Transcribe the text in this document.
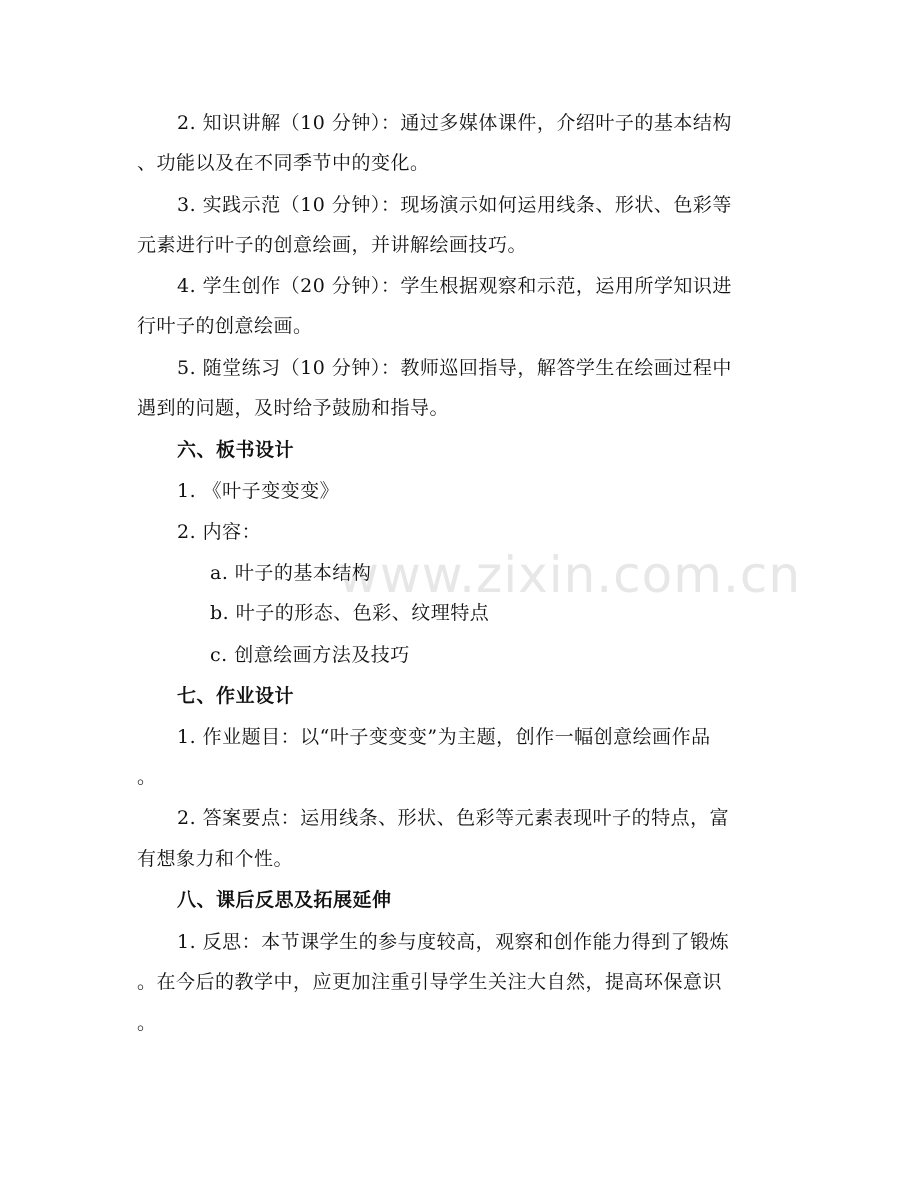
www.zixin.com.cn
2. 知识讲解（10 分钟）：通过多媒体课件，介绍叶子的基本结构
、功能以及在不同季节中的变化。
3. 实践示范（10 分钟）：现场演示如何运用线条、形状、色彩等
元素进行叶子的创意绘画，并讲解绘画技巧。
4. 学生创作（20 分钟）：学生根据观察和示范，运用所学知识进
行叶子的创意绘画。
5. 随堂练习（10 分钟）：教师巡回指导，解答学生在绘画过程中
遇到的问题，及时给予鼓励和指导。
六、板书设计
1. 《叶子变变变》
2. 内容：
a. 叶子的基本结构
b. 叶子的形态、色彩、纹理特点
c. 创意绘画方法及技巧
七、作业设计
1. 作业题目：以“叶子变变变”为主题，创作一幅创意绘画作品
。
2. 答案要点：运用线条、形状、色彩等元素表现叶子的特点，富
有想象力和个性。
八、课后反思及拓展延伸
1. 反思：本节课学生的参与度较高，观察和创作能力得到了锻炼
。在今后的教学中，应更加注重引导学生关注大自然，提高环保意识
。
